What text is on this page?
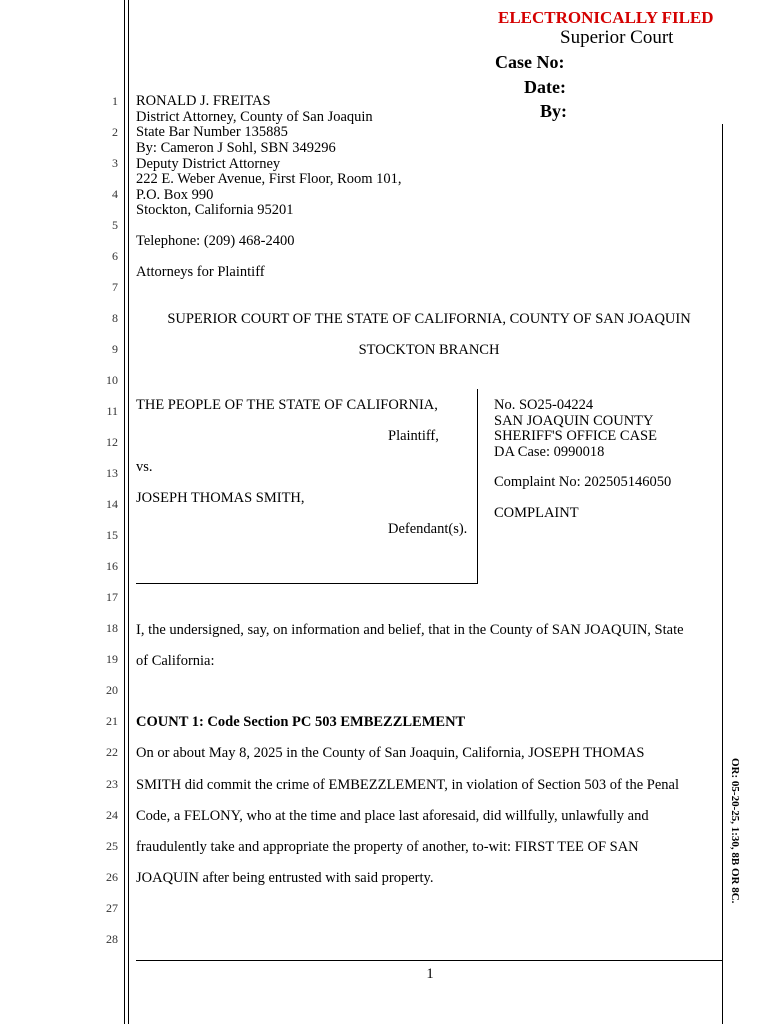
ELECTRONICALLY FILED
Superior Court
Case No:
Date:
By:
1
2
3
4
5
6
7
8
9
10
11
12
13
14
15
16
17
18
19
20
21
22
23
24
25
26
27
28
RONALD J. FREITAS
District Attorney, County of San Joaquin
State Bar Number 135885
By: Cameron J Sohl, SBN 349296
Deputy District Attorney
222 E. Weber Avenue, First Floor, Room 101,
P.O. Box 990
Stockton, California 95201
Telephone: (209) 468-2400
Attorneys for Plaintiff
SUPERIOR COURT OF THE STATE OF CALIFORNIA, COUNTY OF SAN JOAQUIN
STOCKTON BRANCH
THE PEOPLE OF THE STATE OF CALIFORNIA,
Plaintiff,
vs.
JOSEPH THOMAS SMITH,
Defendant(s).
No. SO25-04224
SAN JOAQUIN COUNTY
SHERIFF'S OFFICE CASE
DA Case: 0990018
Complaint No: 202505146050
COMPLAINT
I, the undersigned, say, on information and belief, that in the County of SAN JOAQUIN, State
of California:
COUNT 1: Code Section PC 503 EMBEZZLEMENT
On or about May 8, 2025 in the County of San Joaquin, California, JOSEPH THOMAS
SMITH did commit the crime of EMBEZZLEMENT, in violation of Section 503 of the Penal
Code, a FELONY, who at the time and place last aforesaid, did willfully, unlawfully and
fraudulently take and appropriate the property of another, to-wit: FIRST TEE OF SAN
JOAQUIN after being entrusted with said property.
1
OR: 05-20-25, 1:30, 8B OR 8C.
